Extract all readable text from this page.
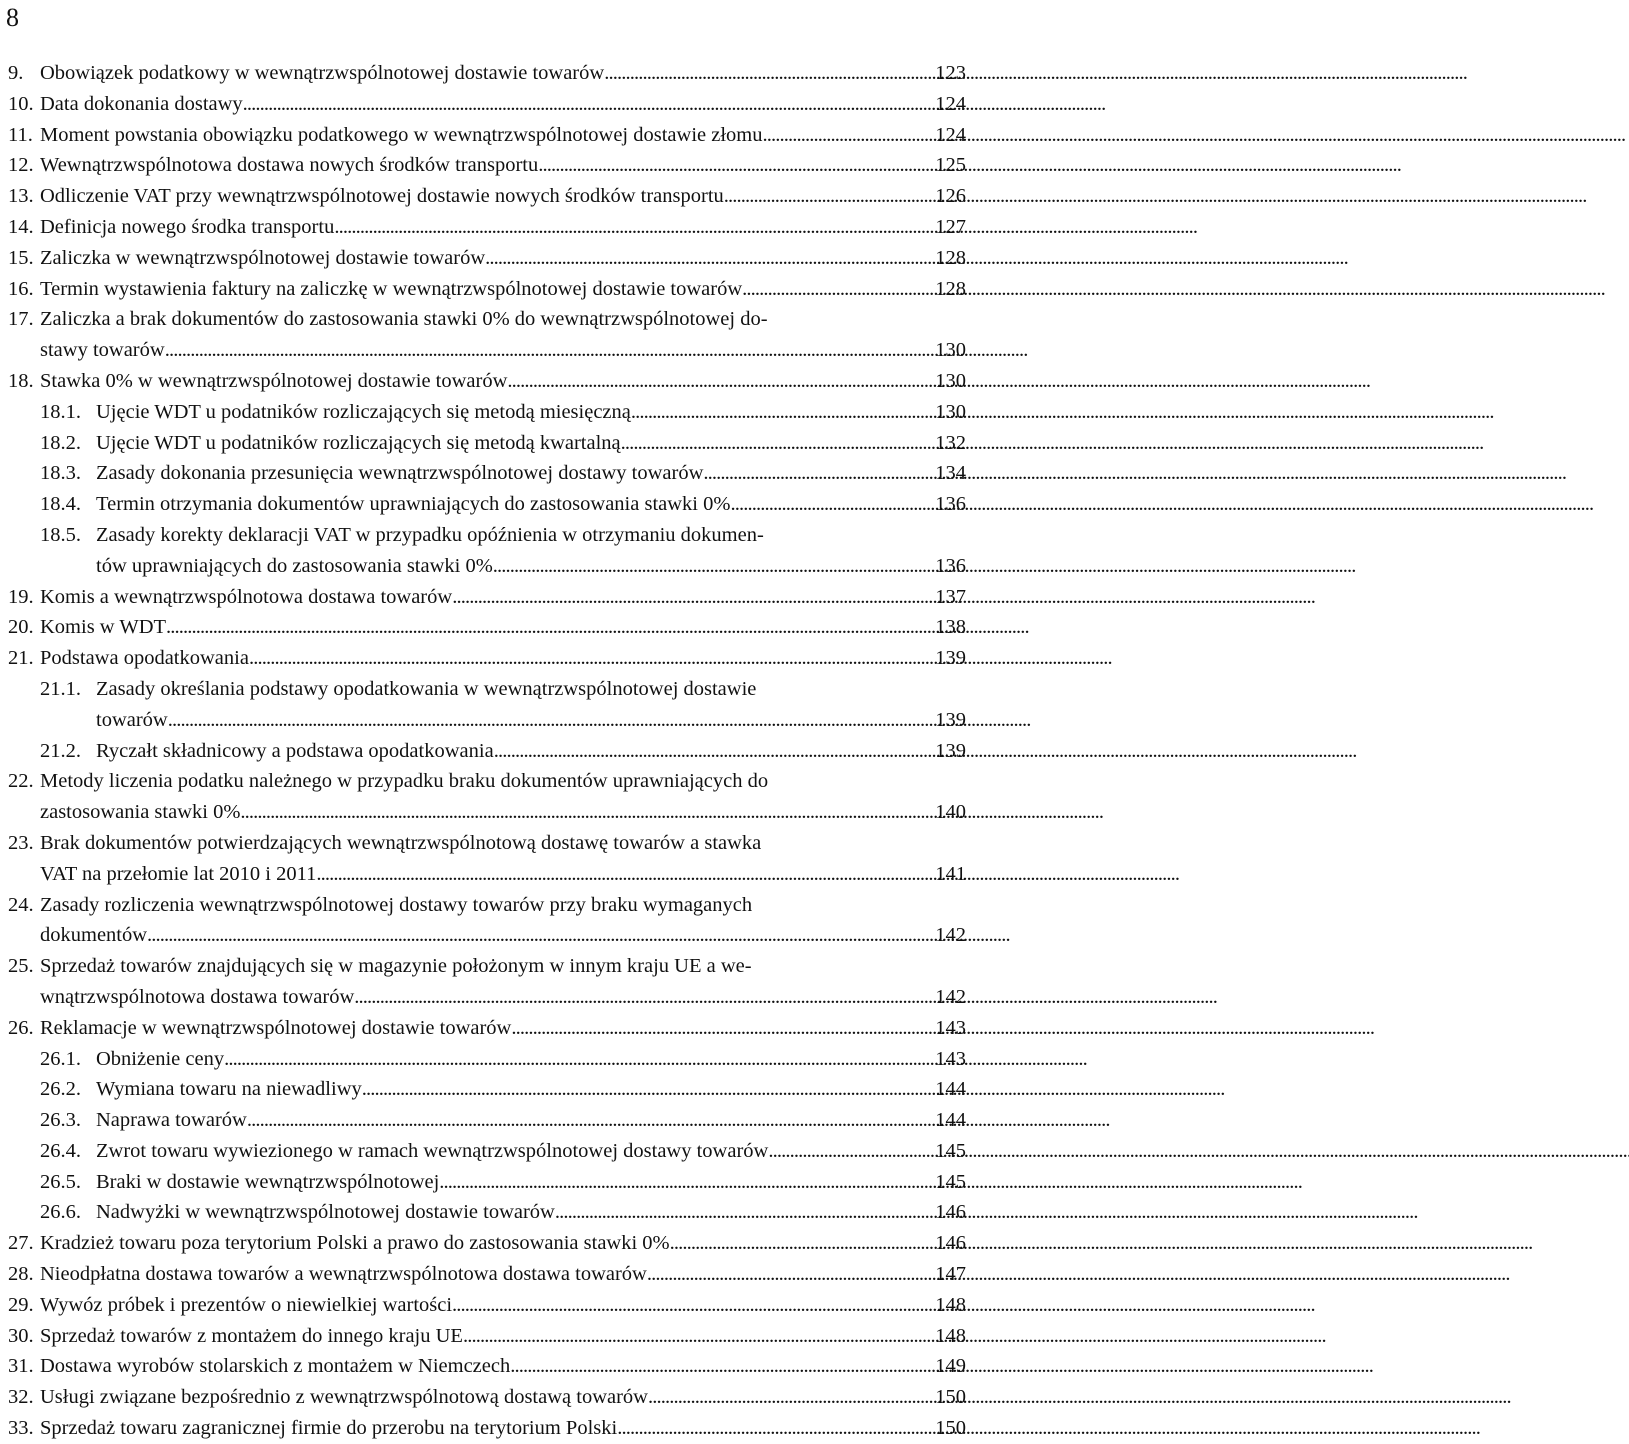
8
9. Obowiązek podatkowy w wewnątrzwspólnotowej dostawie towarów . . .	123
10. Data dokonania dostawy . . .	124
11. Moment powstania obowiązku podatkowego w wewnątrzwspólnotowej dostawie złomu . . .	124
12. Wewnątrzwspólnotowa dostawa nowych środków transportu . . .	125
13. Odliczenie VAT przy wewnątrzwspólnotowej dostawie nowych środków transportu . . .	126
14. Definicja nowego środka transportu . . .	127
15. Zaliczka w wewnątrzwspólnotowej dostawie towarów . . .	128
16. Termin wystawienia faktury na zaliczkę w wewnątrzwspólnotowej dostawie towarów . . .	128
17. Zaliczka a brak dokumentów do zastosowania stawki 0% do wewnątrzwspólnotowej do-
stawy towarów . . .	130
18. Stawka 0% w wewnątrzwspólnotowej dostawie towarów . . .	130
18.1. Ujęcie WDT u podatników rozliczających się metodą miesięczną . . .	130
18.2. Ujęcie WDT u podatników rozliczających się metodą kwartalną . . .	132
18.3. Zasady dokonania przesunięcia wewnątrzwspólnotowej dostawy towarów . . .	134
18.4. Termin otrzymania dokumentów uprawniających do zastosowania stawki 0% . . .	136
18.5. Zasady korekty deklaracji VAT w przypadku opóźnienia w otrzymaniu dokumen-
tów uprawniających do zastosowania stawki 0% . . .	136
19. Komis a wewnątrzwspólnotowa dostawa towarów . . .	137
20. Komis w WDT . . .	138
21. Podstawa opodatkowania . . .	139
21.1. Zasady określania podstawy opodatkowania w wewnątrzwspólnotowej dostawie
towarów . . .	139
21.2. Ryczałt składnicowy a podstawa opodatkowania . . .	139
22. Metody liczenia podatku należnego w przypadku braku dokumentów uprawniających do
zastosowania stawki 0% . . .	140
23. Brak dokumentów potwierdzających wewnątrzwspólnotową dostawę towarów a stawka
VAT na przełomie lat 2010 i 2011 . . .	141
24. Zasady rozliczenia wewnątrzwspólnotowej dostawy towarów przy braku wymaganych
dokumentów . . .	142
25. Sprzedaż towarów znajdujących się w magazynie położonym w innym kraju UE a we-
wnątrzwspólnotowa dostawa towarów . . .	142
26. Reklamacje w wewnątrzwspólnotowej dostawie towarów . . .	143
26.1. Obniżenie ceny . . .	143
26.2. Wymiana towaru na niewadliwy . . .	144
26.3. Naprawa towarów . . .	144
26.4. Zwrot towaru wywiezionego w ramach wewnątrzwspólnotowej dostawy towarów . . .	145
26.5. Braki w dostawie wewnątrzwspólnotowej . . .	145
26.6. Nadwyżki w wewnątrzwspólnotowej dostawie towarów . . .	146
27. Kradzież towaru poza terytorium Polski a prawo do zastosowania stawki 0% . . .	146
28. Nieodpłatna dostawa towarów a wewnątrzwspólnotowa dostawa towarów . . .	147
29. Wywóz próbek i prezentów o niewielkiej wartości . . .	148
30. Sprzedaż towarów z montażem do innego kraju UE . . .	148
31. Dostawa wyrobów stolarskich z montażem w Niemczech . . .	149
32. Usługi związane bezpośrednio z wewnątrzwspólnotową dostawą towarów . . .	150
33. Sprzedaż towaru zagranicznej firmie do przerobu na terytorium Polski . . .	150
